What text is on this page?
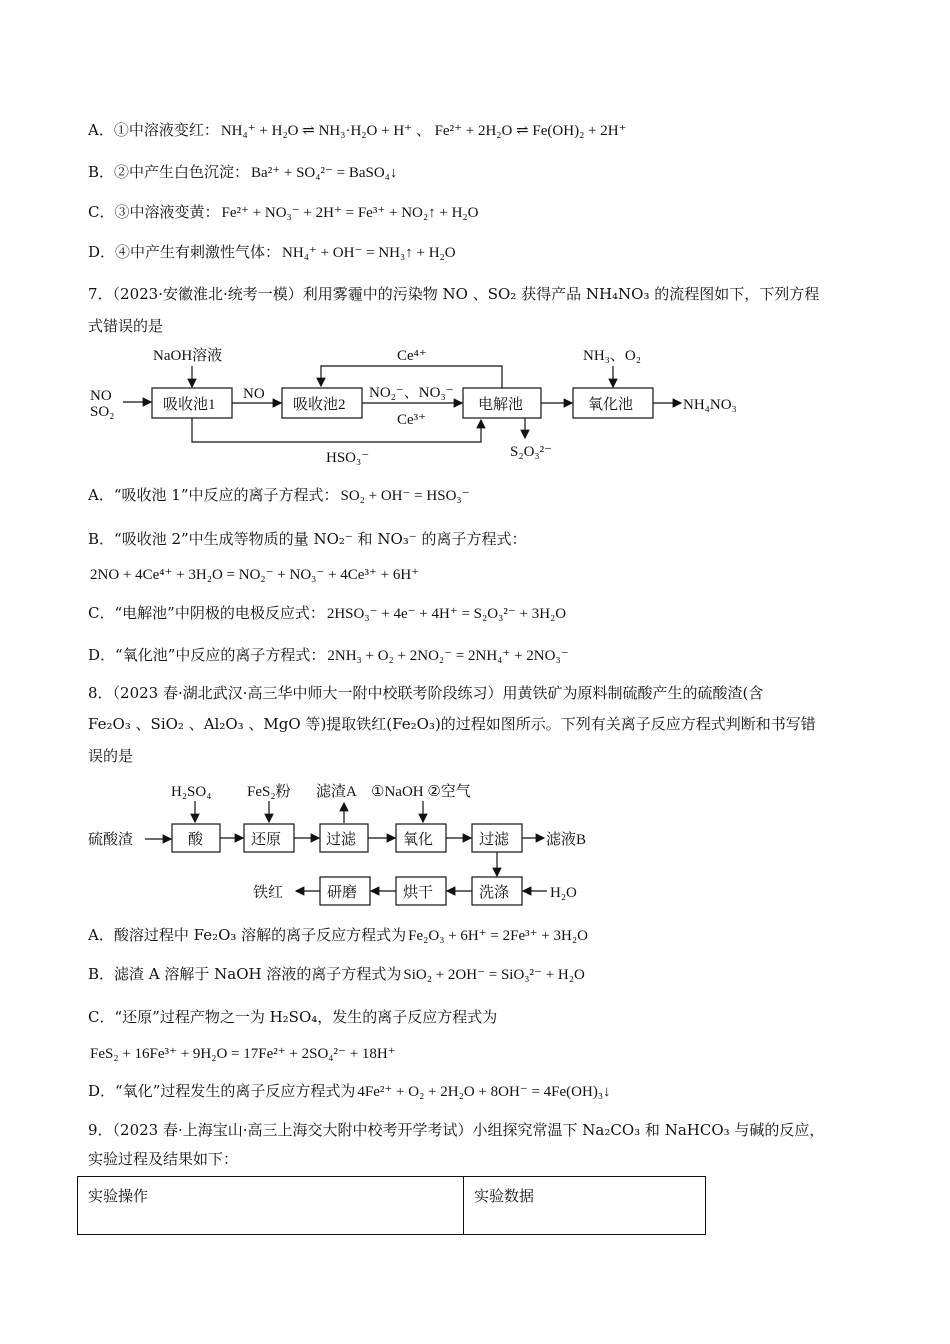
A．①中溶液变红： NH₄⁺ + H₂O ⇌ NH₃·H₂O + H⁺ 、 Fe²⁺ + 2H₂O ⇌ Fe(OH)₂ + 2H⁺
B．②中产生白色沉淀： Ba²⁺ + SO₄²⁻ = BaSO₄↓
C．③中溶液变黄： Fe²⁺ + NO₃⁻ + 2H⁺ = Fe³⁺ + NO₂↑ + H₂O
D．④中产生有刺激性气体： NH₄⁺ + OH⁻ = NH₃↑ + H₂O
7．（2023·安徽淮北·统考一模）利用雾霾中的污染物 NO 、SO₂ 获得产品 NH₄NO₃ 的流程图如下，下列方程
式错误的是
NO
SO₂
NaOH溶液
吸收池1
NO
吸收池2
Ce⁴⁺
NO₂⁻、NO₃⁻
Ce³⁺
电解池
HSO₃⁻	S₂O₃²⁻
NH₃、O₂
氧化池	NH₄NO₃
A．“吸收池 1”中反应的离子方程式： SO₂ + OH⁻ = HSO₃⁻
B．“吸收池 2”中生成等物质的量 NO₂⁻ 和 NO₃⁻ 的离子方程式：
2NO + 4Ce⁴⁺ + 3H₂O = NO₂⁻ + NO₃⁻ + 4Ce³⁺ + 6H⁺
C．“电解池”中阴极的电极反应式： 2HSO₃⁻ + 4e⁻ + 4H⁺ = S₂O₃²⁻ + 3H₂O
D．“氧化池”中反应的离子方程式： 2NH₃ + O₂ + 2NO₂⁻ = 2NH₄⁺ + 2NO₃⁻
8．（2023 春·湖北武汉·高三华中师大一附中校联考阶段练习）用黄铁矿为原料制硫酸产生的硫酸渣(含
Fe₂O₃ 、SiO₂ 、Al₂O₃ 、MgO 等)提取铁红(Fe₂O₃)的过程如图所示。下列有关离子反应方程式判断和书写错
误的是
H₂SO₄ FeS₂粉 滤渣A ①NaOH ②空气
硫酸渣	酸	还原	过滤	氧化	过滤 滤液B
洗涤	H₂O
烘干
研磨
铁红
A．酸溶过程中 Fe₂O₃ 溶解的离子反应方程式为 Fe₂O₃ + 6H⁺ = 2Fe³⁺ + 3H₂O
B．滤渣 A 溶解于 NaOH 溶液的离子方程式为 SiO₂ + 2OH⁻ = SiO₃²⁻ + H₂O
C．“还原”过程产物之一为 H₂SO₄，发生的离子反应方程式为
FeS₂ + 16Fe³⁺ + 9H₂O = 17Fe²⁺ + 2SO₄²⁻ + 18H⁺
D．“氧化”过程发生的离子反应方程式为 4Fe²⁺ + O₂ + 2H₂O + 8OH⁻ = 4Fe(OH)₃↓
9．（2023 春·上海宝山·高三上海交大附中校考开学考试）小组探究常温下 Na₂CO₃ 和 NaHCO₃ 与碱的反应，
实验过程及结果如下：
实验操作	实验数据
